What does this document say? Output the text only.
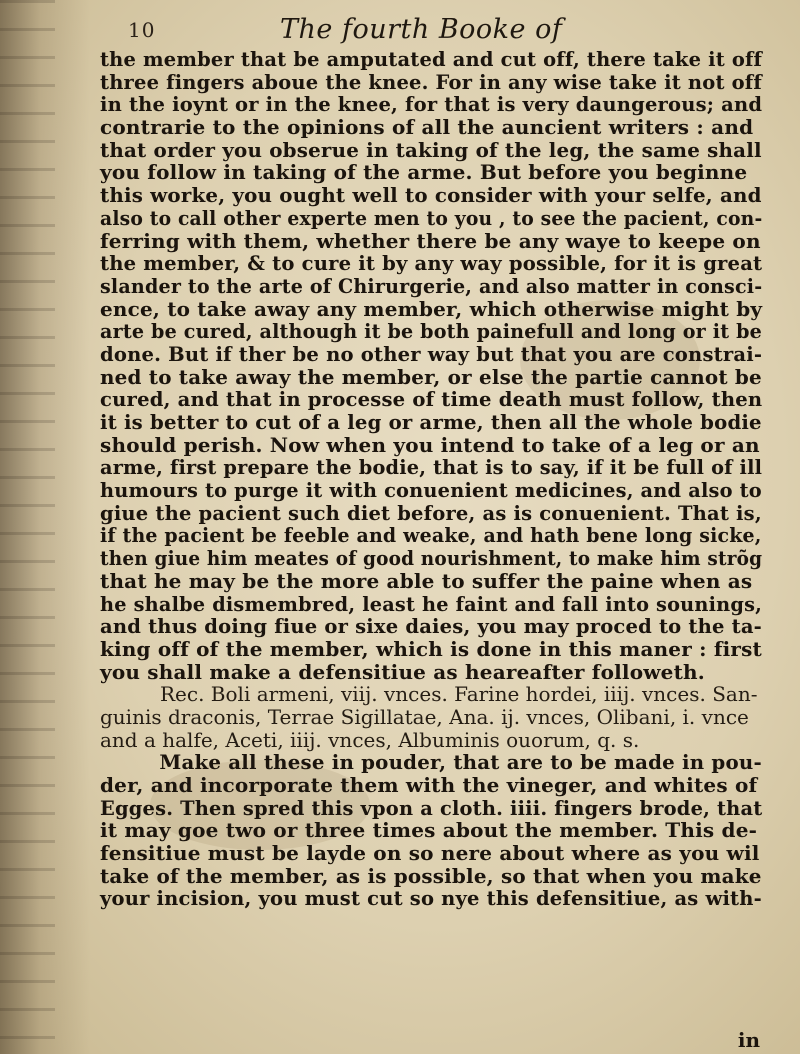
10	The fourth Booke of
the member that be amputated and cut off, there take it off
three fingers aboue the knee. For in any wise take it not off
in the ioynt or in the knee, for that is very daungerous; and
contrarie to the opinions of all the auncient writers : and
that order you obserue in taking of the leg, the same shall
you follow in taking of the arme. But before you beginne
this worke, you ought well to consider with your selfe, and
also to call other experte men to you , to see the pacient, con-
ferring with them, whether there be any waye to keepe on
the member, & to cure it by any way possible, for it is great
slander to the arte of Chirurgerie, and also matter in consci-
ence, to take away any member, which otherwise might by
arte be cured, although it be both painefull and long or it be
done. But if ther be no other way but that you are constrai-
ned to take away the member, or else the partie cannot be
cured, and that in processe of time death must follow, then
it is better to cut of a leg or arme, then all the whole bodie
should perish. Now when you intend to take of a leg or an
arme, first prepare the bodie, that is to say, if it be full of ill
humours to purge it with conuenient medicines, and also to
giue the pacient such diet before, as is conuenient. That is,
if the pacient be feeble and weake, and hath bene long sicke,
then giue him meates of good nourishment, to make him strõg
that he may be the more able to suffer the paine when as
he shalbe dismembred, least he faint and fall into sounings,
and thus doing fiue or sixe daies, you may proced to the ta-
king off of the member, which is done in this maner : first
you shall make a defensitiue as heareafter followeth.
Rec. Boli armeni, viij. vnces. Farine hordei, iiij. vnces. San-
guinis draconis, Terrae Sigillatae, Ana. ij. vnces, Olibani, i. vnce
and a halfe, Aceti, iiij. vnces, Albuminis ouorum, q. s.
Make all these in pouder, that are to be made in pou-
der, and incorporate them with the vineger, and whites of
Egges. Then spred this vpon a cloth. iiii. fingers brode, that
it may goe two or three times about the member. This de-
fensitiue must be layde on so nere about where as you wil
take of the member, as is possible, so that when you make
your incision, you must cut so nye this defensitiue, as with-
in
